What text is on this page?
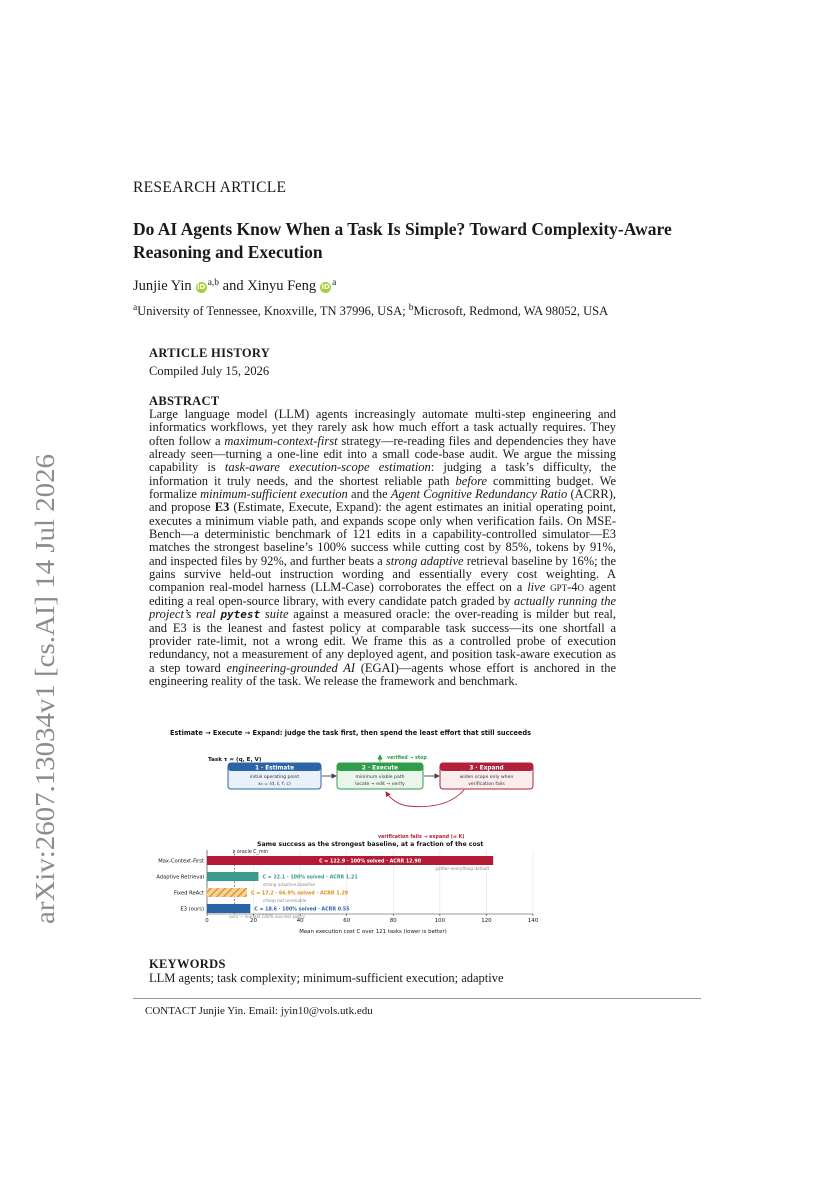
arXiv:2607.13034v1 [cs.AI] 14 Jul 2026
RESEARCH ARTICLE
Do AI Agents Know When a Task Is Simple? Toward Complexity-Aware Reasoning and Execution
Junjie Yin iD $^{a,b}$ and Xinyu Feng iD $^a$
$^a$University of Tennessee, Knoxville, TN 37996, USA; $^b$Microsoft, Redmond, WA 98052, USA
ARTICLE HISTORY
Compiled July 15, 2026
ABSTRACT
Large language model (LLM) agents increasingly automate multi-step engineering and informatics workflows, yet they rarely ask how much effort a task actually requires. They often follow a maximum-context-first strategy—re-reading files and dependencies they have already seen—turning a one-line edit into a small code-base audit. We argue the missing capability is task-aware execution-scope estimation: judging a task’s difficulty, the information it truly needs, and the shortest reliable path before committing budget. We formalize minimum-sufficient execution and the Agent Cognitive Redundancy Ratio (ACRR), and propose E3 (Estimate, Execute, Expand): the agent estimates an initial operating point, executes a minimum viable path, and expands scope only when verification fails. On MSE-Bench—a deterministic benchmark of 121 edits in a capability-controlled simulator—E3 matches the strongest baseline’s 100% success while cutting cost by 85%, tokens by 91%, and inspected files by 92%, and further beats a strong adaptive retrieval baseline by 16%; the gains survive held-out instruction wording and essentially every cost weighting. A companion real-model harness (LLM-Case) corroborates the effect on a live gpt-4o agent editing a real open-source library, with every candidate patch graded by actually running the project’s real pytest suite against a measured oracle: the over-reading is milder but real, and E3 is the leanest and fastest policy at comparable task success—its one shortfall a provider rate-limit, not a wrong edit. We frame this as a controlled probe of execution redundancy, not a measurement of any deployed agent, and position task-aware execution as a step toward engineering-grounded AI (EGAI)—agents whose effort is anchored in the engineering reality of the task. We release the framework and benchmark.
Estimate → Execute → Expand: judge the task first, then spend the least effort that still succeeds
Task τ = (q, E, V)
1 · Estimate
initial operating point
x₀ = (d, ℓ, f, c)
2 · Execute
minimum viable path
locate → edit → verify
3 · Expand
widen scope only when
verification fails
verified → stop
verification fails → expand (≤ K)
Same success as the strongest baseline, at a fraction of the cost
0	20	40	60	80	100	120	140
↓ oracle C_min
Max-Context-First	C = 122.9 · 100% solved · ACRR 12.90
gather everything default
Adaptive Retrieval	C = 22.1 · 100% solved · ACRR 1.21
strong adaptive baseline
Fixed ReAct	C = 17.2 · 66.9% solved · ACRR 1.29
cheap but unreliable
E3 (ours)	C = 18.6 · 100% solved · ACRR 0.55
ours — leanest 100%-success policy
Mean execution cost C over 121 tasks (lower is better)
KEYWORDS
LLM agents; task complexity; minimum-sufficient execution; adaptive
CONTACT Junjie Yin. Email: jyin10@vols.utk.edu
